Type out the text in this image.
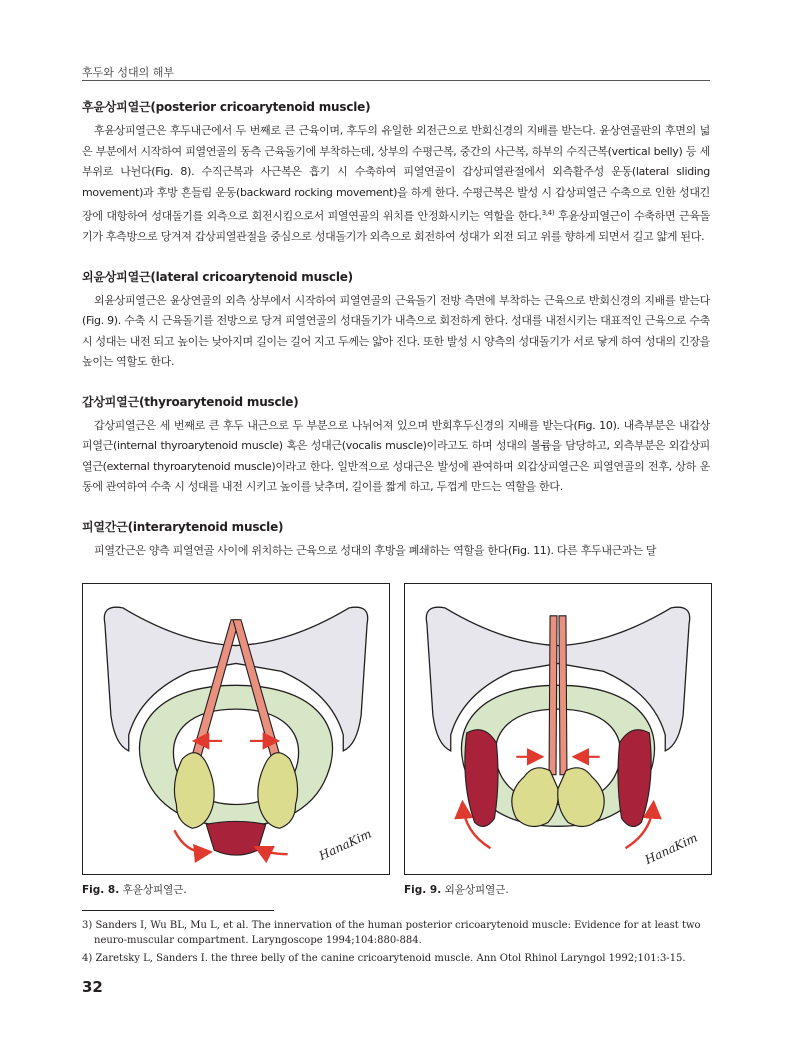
후두와 성대의 해부

후윤상피열근(posterior cricoarytenoid muscle)

후윤상피열근은 후두내근에서 두 번째로 큰 근육이며, 후두의 유일한 외전근으로 반회신경의 지배를 받는다. 윤상연골판의 후면의 넓은 부분에서 시작하여 피열연골의 동측 근육돌기에 부착하는데, 상부의 수평근복, 중간의 사근복, 하부의 수직근복(vertical belly) 등 세 부위로 나뉜다(Fig. 8). 수직근복과 사근복은 흡기 시 수축하여 피열연골이 갑상피열관절에서 외측활주성 운동(lateral sliding movement)과 후방 흔들림 운동(backward rocking movement)을 하게 한다. 수평근복은 발성 시 갑상피열근 수축으로 인한 성대긴장에 대항하여 성대돌기를 외측으로 회전시킴으로서 피열연골의 위치를 안정화시키는 역할을 한다.$^{3,4)}$ 후윤상피열근이 수축하면 근육돌기가 후측방으로 당겨져 갑상피열관절을 중심으로 성대돌기가 외측으로 회전하여 성대가 외전 되고 위를 향하게 되면서 길고 얇게 된다.

외윤상피열근(lateral cricoarytenoid muscle)

외윤상피열근은 윤상연골의 외측 상부에서 시작하여 피열연골의 근육돌기 전방 측면에 부착하는 근육으로 반회신경의 지배를 받는다(Fig. 9). 수축 시 근육돌기를 전방으로 당겨 피열연골의 성대돌기가 내측으로 회전하게 한다. 성대를 내전시키는 대표적인 근육으로 수축 시 성대는 내전 되고 높이는 낮아지며 길이는 길어 지고 두께는 얇아 진다. 또한 발성 시 양측의 성대돌기가 서로 닿게 하여 성대의 긴장을 높이는 역할도 한다.

갑상피열근(thyroarytenoid muscle)

갑상피열근은 세 번째로 큰 후두 내근으로 두 부분으로 나뉘어져 있으며 반회후두신경의 지배를 받는다(Fig. 10). 내측부분은 내갑상피열근(internal thyroarytenoid muscle) 혹은 성대근(vocalis muscle)이라고도 하며 성대의 볼륨을 담당하고, 외측부분은 외갑상피열근(external thyroarytenoid muscle)이라고 한다. 일반적으로 성대근은 발성에 관여하며 외갑상피열근은 피열연골의 전후, 상하 운동에 관여하여 수축 시 성대를 내전 시키고 높이를 낮추며, 길이를 짧게 하고, 두껍게 만드는 역할을 한다.

피열간근(interarytenoid muscle)

피열간근은 양측 피열연골 사이에 위치하는 근육으로 성대의 후방을 폐쇄하는 역할을 한다(Fig. 11). 다른 후두내근과는 달

HanaKim	HanaKim
Fig. 8. 후윤상피열근.	Fig. 9. 외윤상피열근.

3) Sanders I, Wu BL, Mu L, et al. The innervation of the human posterior cricoarytenoid muscle: Evidence for at least two neuro-muscular compartment. Laryngoscope 1994;104:880-884.

4) Zaretsky L, Sanders I. the three belly of the canine cricoarytenoid muscle. Ann Otol Rhinol Laryngol 1992;101:3-15.

32
